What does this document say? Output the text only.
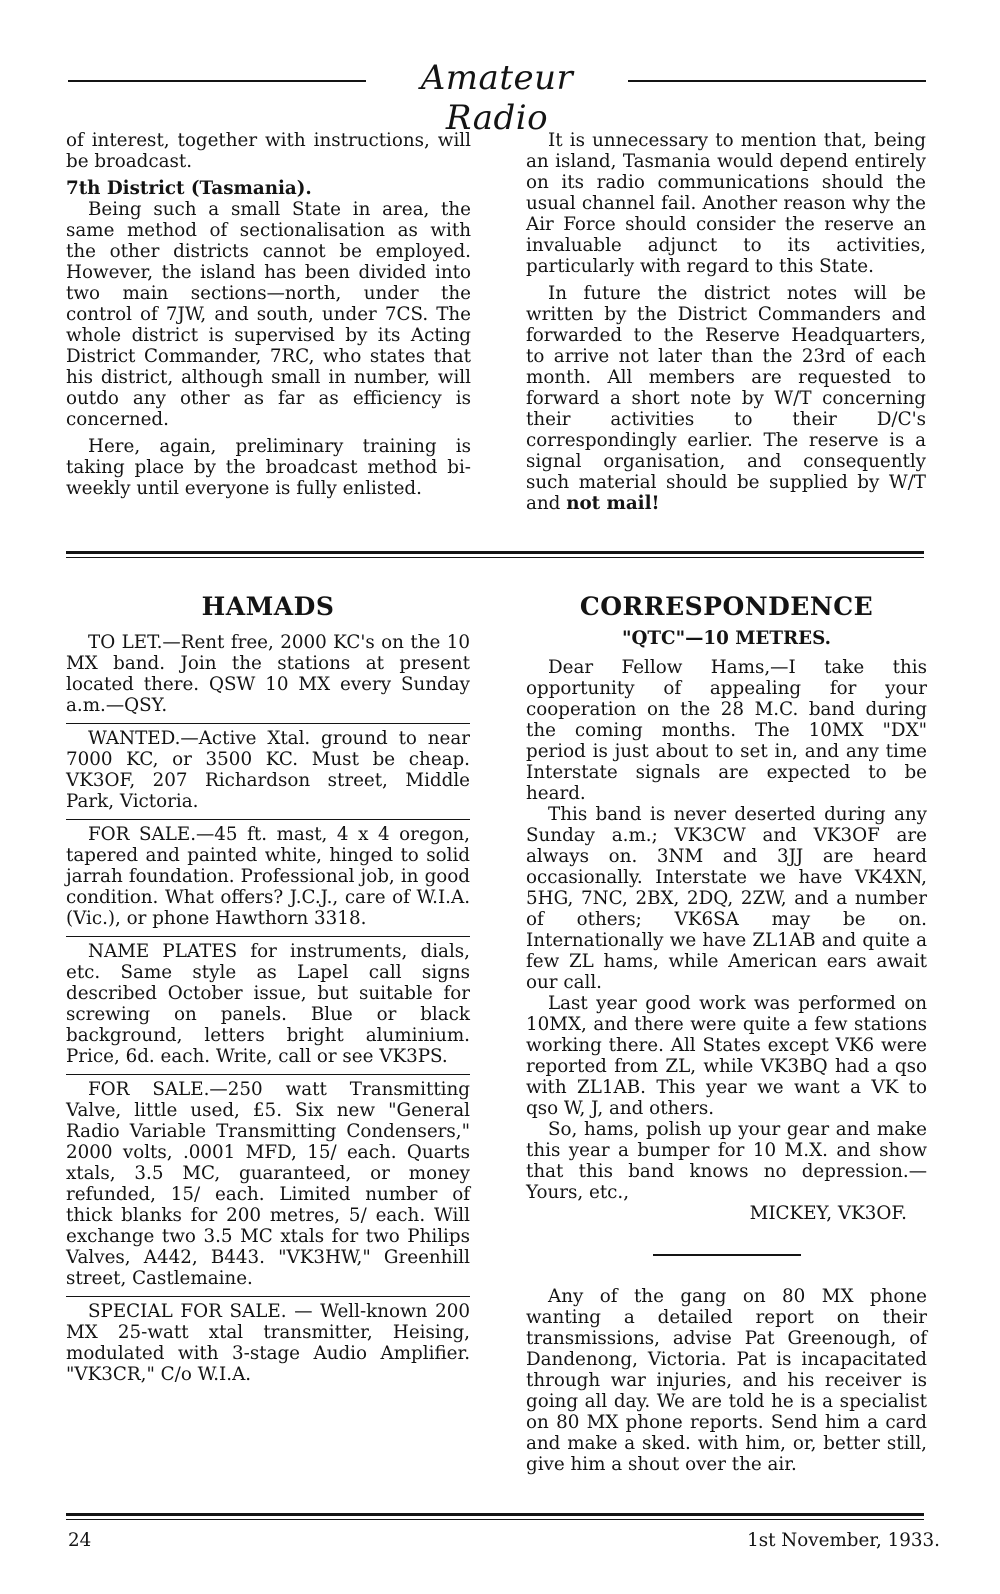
Amateur Radio

of interest, together with instructions, will be broadcast.

7th District (Tasmania).

Being such a small State in area, the same method of sectionalisation as with the other districts cannot be employed. However, the island has been divided into two main sections—north, under the control of 7JW, and south, under 7CS. The whole district is supervised by its Acting District Commander, 7RC, who states that his district, although small in number, will outdo any other as far as efficiency is concerned.

Here, again, preliminary training is taking place by the broadcast method bi-weekly until everyone is fully enlisted.

It is unnecessary to mention that, being an island, Tasmania would depend entirely on its radio communications should the usual channel fail. Another reason why the Air Force should consider the reserve an invaluable adjunct to its activities, particularly with regard to this State.

In future the district notes will be written by the District Commanders and forwarded to the Reserve Headquarters, to arrive not later than the 23rd of each month. All members are requested to forward a short note by W/T concerning their activities to their D/C's correspondingly earlier. The reserve is a signal organisation, and consequently such material should be supplied by W/T and not mail!

HAMADS

TO LET.—Rent free, 2000 KC's on the 10 MX band. Join the stations at present located there. QSW 10 MX every Sunday a.m.—QSY.

WANTED.—Active Xtal. ground to near 7000 KC, or 3500 KC. Must be cheap. VK3OF, 207 Richardson street, Middle Park, Victoria.

FOR SALE.—45 ft. mast, 4 x 4 oregon, tapered and painted white, hinged to solid jarrah foundation. Professional job, in good condition. What offers? J.C.J., care of W.I.A. (Vic.), or phone Hawthorn 3318.

NAME PLATES for instruments, dials, etc. Same style as Lapel call signs described October issue, but suitable for screwing on panels. Blue or black background, letters bright aluminium. Price, 6d. each. Write, call or see VK3PS.

FOR SALE.—250 watt Transmitting Valve, little used, £5. Six new "General Radio Variable Transmitting Condensers," 2000 volts, .0001 MFD, 15/ each. Quarts xtals, 3.5 MC, guaranteed, or money refunded, 15/ each. Limited number of thick blanks for 200 metres, 5/ each. Will exchange two 3.5 MC xtals for two Philips Valves, A442, B443. "VK3HW," Greenhill street, Castlemaine.

SPECIAL FOR SALE. — Well-known 200 MX 25-watt xtal transmitter, Heising, modulated with 3-stage Audio Amplifier. "VK3CR," C/o W.I.A.

CORRESPONDENCE
"QTC"—10 METRES.

Dear Fellow Hams,—I take this opportunity of appealing for your cooperation on the 28 M.C. band during the coming months. The 10MX "DX" period is just about to set in, and any time Interstate signals are expected to be heard.

This band is never deserted during any Sunday a.m.; VK3CW and VK3OF are always on. 3NM and 3JJ are heard occasionally. Interstate we have VK4XN, 5HG, 7NC, 2BX, 2DQ, 2ZW, and a number of others; VK6SA may be on. Internationally we have ZL1AB and quite a few ZL hams, while American ears await our call.

Last year good work was performed on 10MX, and there were quite a few stations working there. All States except VK6 were reported from ZL, while VK3BQ had a qso with ZL1AB. This year we want a VK to qso W, J, and others.

So, hams, polish up your gear and make this year a bumper for 10 M.X. and show that this band knows no depression.—Yours, etc.,

MICKEY, VK3OF.

Any of the gang on 80 MX phone wanting a detailed report on their transmissions, advise Pat Greenough, of Dandenong, Victoria. Pat is incapacitated through war injuries, and his receiver is going all day. We are told he is a specialist on 80 MX phone reports. Send him a card and make a sked. with him, or, better still, give him a shout over the air.

24	1st November, 1933.
